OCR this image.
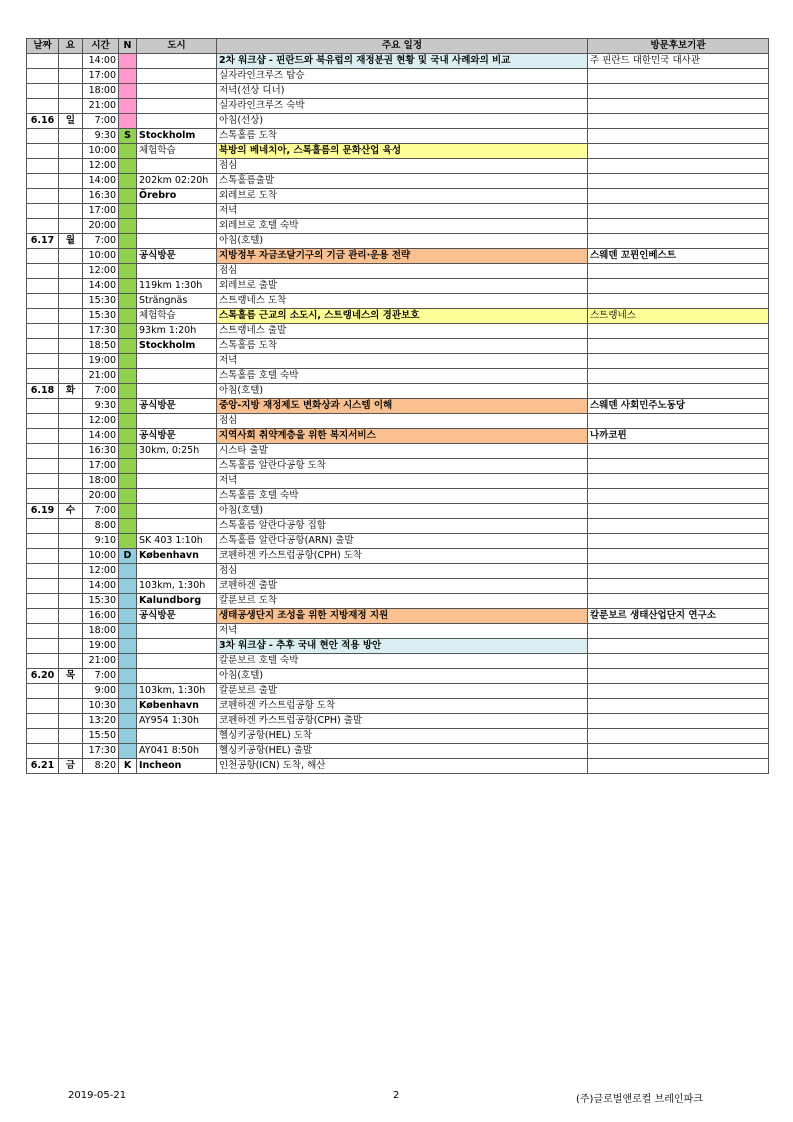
날짜	요	시간	N	도시	주요 일정	방문후보기관
		14:00			2차 워크샵 - 핀란드와 북유럽의 재정분권 현황 및 국내 사례와의 비교	주 핀란드 대한민국 대사관
		17:00			실자라인크루즈 탑승	
		18:00			저녁(선상 디너)	
		21:00			실자라인크루즈 숙박	
6.16	일	7:00			아침(선상)	
		9:30	S	Stockholm	스톡홀름 도착	
		10:00		체험학습	북방의 베네치아, 스톡홀름의 문화산업 육성	
		12:00			점심	
		14:00		202km 02:20h	스톡홀름출발	
		16:30		Örebro	외레브로 도착	
		17:00			저녁	
		20:00			외레브로 호텔 숙박	
6.17	월	7:00			아침(호텔)	
		10:00		공식방문	지방정부 자금조달기구의 기금 관리·운용 전략	스웨덴 꼬뮌인베스트
		12:00			점심	
		14:00		119km 1:30h	외레브로 출발	
		15:30		Strängnäs	스트랭네스 도착	
		15:30		체험학습	스톡홀름 근교의 소도시, 스트랭네스의 경관보호	스트랭네스
		17:30		93km 1:20h	스트랭네스 출발	
		18:50		Stockholm	스톡홀름 도착	
		19:00			저녁	
		21:00			스톡홀름 호텔 숙박	
6.18	화	7:00			아침(호텔)	
		9:30		공식방문	중앙-지방 재정제도 변화상과 시스템 이해	스웨덴 사회민주노동당
		12:00			점심	
		14:00		공식방문	지역사회 취약계층을 위한 복지서비스	나까코뮌
		16:30		30km, 0:25h	시스타 출발	
		17:00			스톡홀름 알란다공항 도착	
		18:00			저녁	
		20:00			스톡홀름 호텔 숙박	
6.19	수	7:00			아침(호텔)	
		8:00			스톡홀름 알란다공항 집합	
		9:10		SK 403 1:10h	스톡홀름 알란다공항(ARN) 출발	
		10:00	D	København	코펜하겐 카스트럽공항(CPH) 도착	
		12:00			점심	
		14:00		103km, 1:30h	코펜하겐 출발	
		15:30		Kalundborg	칼룬보르 도착	
		16:00		공식방문	생태공생단지 조성을 위한 지방재정 지원	칼룬보르 생태산업단지 연구소
		18:00			저녁	
		19:00			3차 워크샵 - 추후 국내 현안 적용 방안	
		21:00			칼룬보르 호텔 숙박	
6.20	목	7:00			아침(호텔)	
		9:00		103km, 1:30h	칼룬보르 출발	
		10:30		København	코펜하겐 카스트럽공항 도착	
		13:20		AY954 1:30h	코펜하겐 카스트럽공항(CPH) 출발	
		15:50			헬싱키공항(HEL) 도착	
		17:30		AY041 8:50h	헬싱키공항(HEL) 출발	
6.21	금	8:20	K	Incheon	인천공항(ICN) 도착, 해산	
2019-05-21	2	(주)글로벌앤로컬 브레인파크
